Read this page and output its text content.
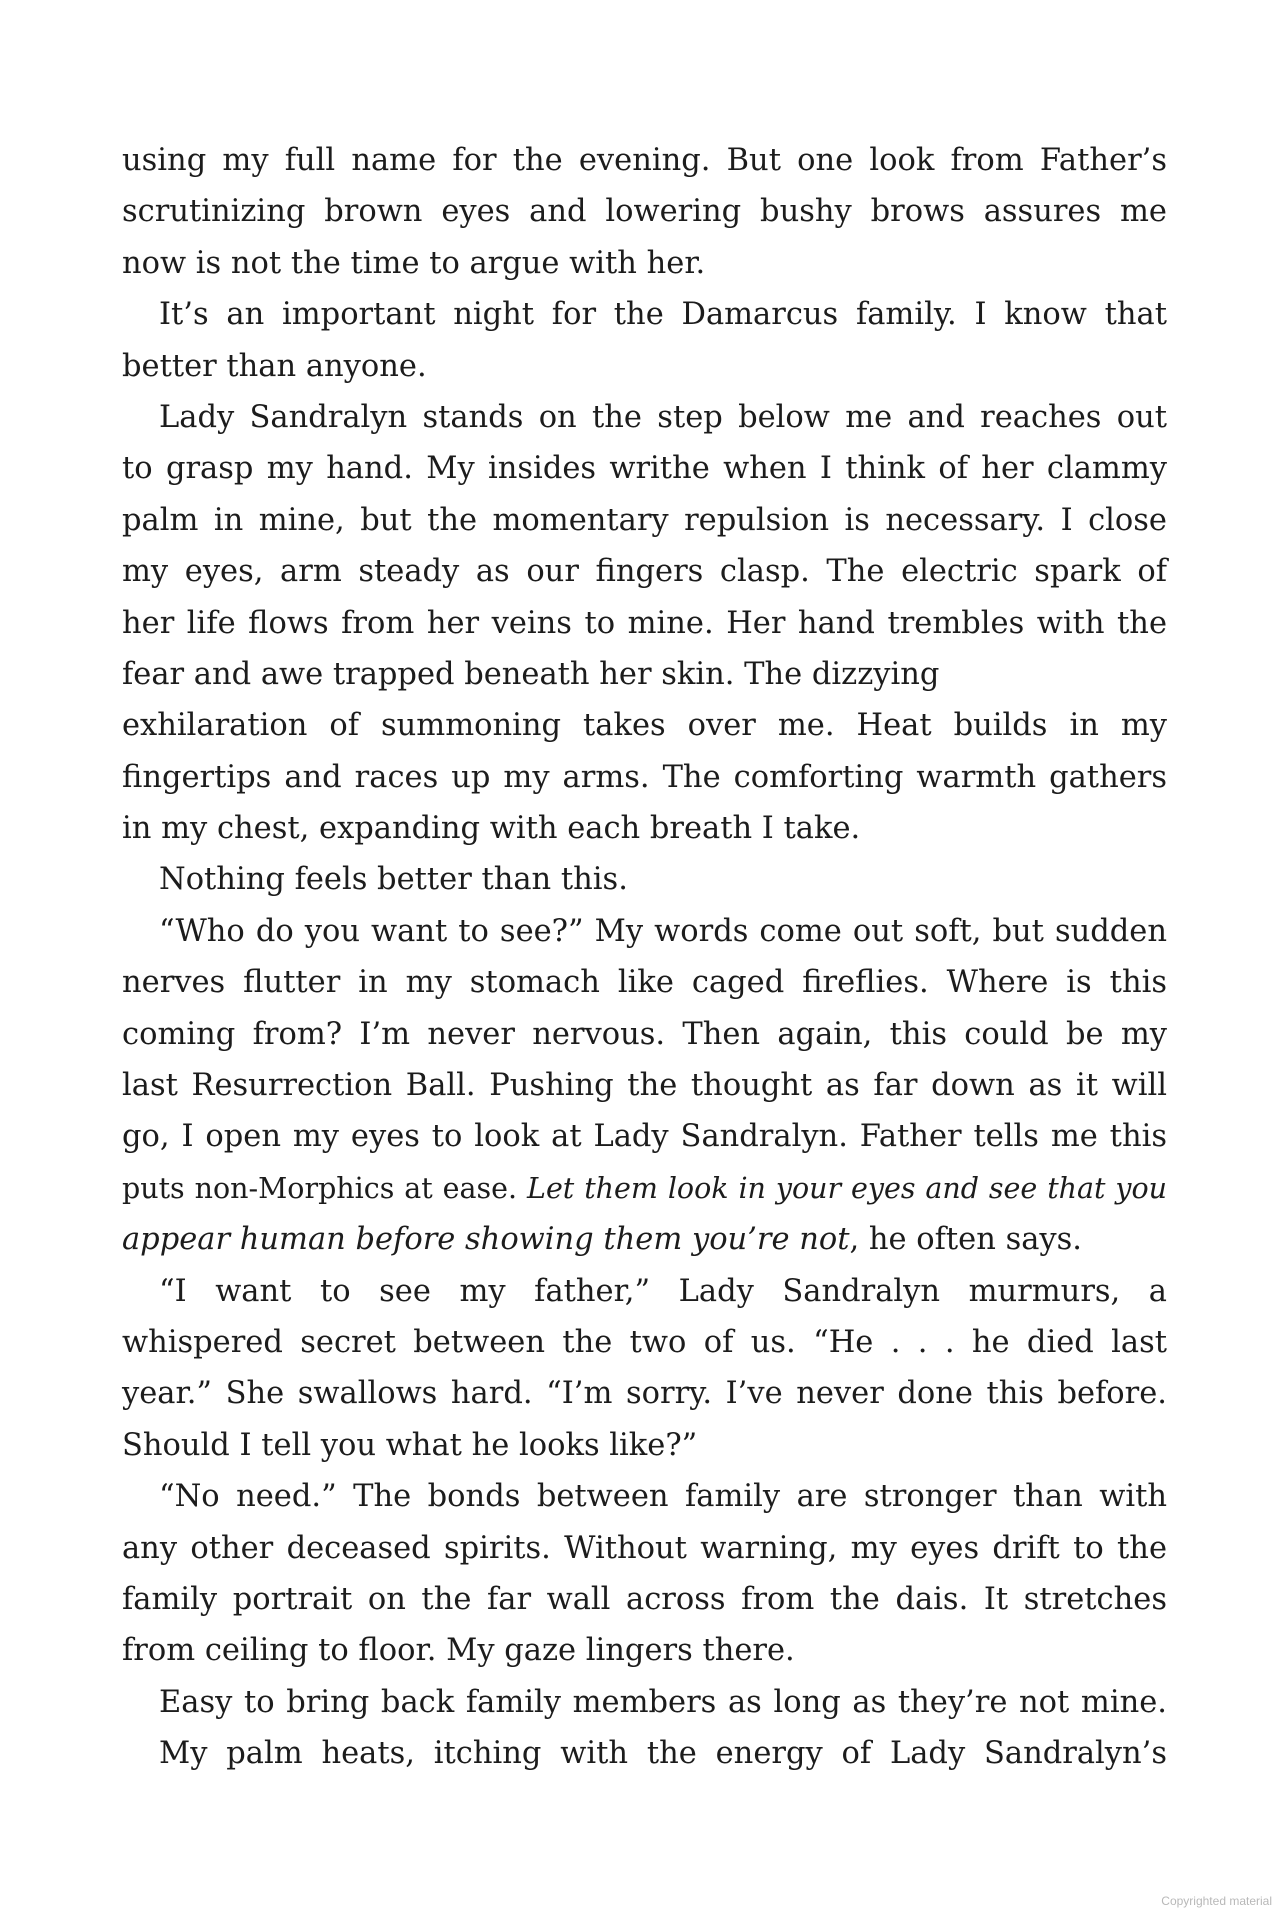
using my full name for the evening. But one look from Father’s
scrutinizing brown eyes and lowering bushy brows assures me
now is not the time to argue with her.
It’s an important night for the Damarcus family. I know that
better than anyone.
Lady Sandralyn stands on the step below me and reaches out
to grasp my hand. My insides writhe when I think of her clammy
palm in mine, but the momentary repulsion is necessary. I close
my eyes, arm steady as our fingers clasp. The electric spark of
her life flows from her veins to mine. Her hand trembles with the
fear and awe trapped beneath her skin. The dizzying
exhilaration of summoning takes over me. Heat builds in my
fingertips and races up my arms. The comforting warmth gathers
in my chest, expanding with each breath I take.
Nothing feels better than this.
“Who do you want to see?” My words come out soft, but sudden
nerves flutter in my stomach like caged fireflies. Where is this
coming from? I’m never nervous. Then again, this could be my
last Resurrection Ball. Pushing the thought as far down as it will
go, I open my eyes to look at Lady Sandralyn. Father tells me this
puts non-Morphics at ease. Let them look in your eyes and see that you
appear human before showing them you’re not, he often says.
“I want to see my father,” Lady Sandralyn murmurs, a
whispered secret between the two of us. “He . . . he died last
year.” She swallows hard. “I’m sorry. I’ve never done this before.
Should I tell you what he looks like?”
“No need.” The bonds between family are stronger than with
any other deceased spirits. Without warning, my eyes drift to the
family portrait on the far wall across from the dais. It stretches
from ceiling to floor. My gaze lingers there.
Easy to bring back family members as long as they’re not mine.
My palm heats, itching with the energy of Lady Sandralyn’s
Copyrighted material
